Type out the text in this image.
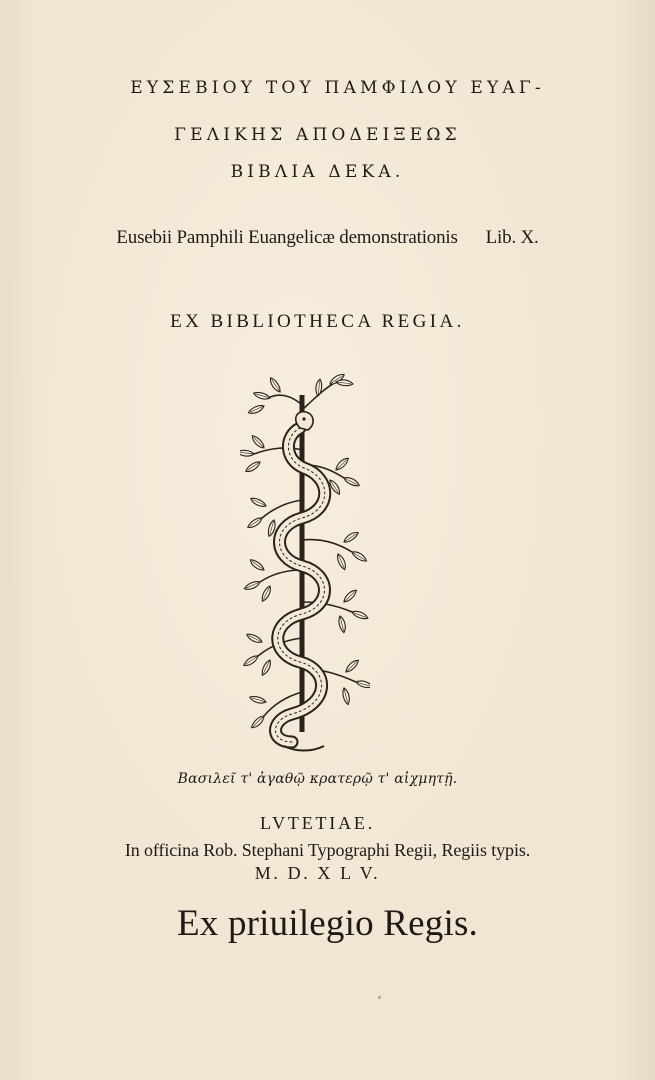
ΕΥΣΕΒΙΟΥ ΤΟΥ ΠΑΜΦΙΛΟΥ ΕΥΑΓ-
ΓΕΛΙΚΗΣ ΑΠΟΔΕΙΞΕΩΣ
ΒΙΒΛΙΑ ΔΕΚΑ.
Eusebii Pamphili Euangelicæ demonstrationis Lib. X.
EX BIBLIOTHECA REGIA.
Βασιλεῖ τ' ἀγαθῷ κρατερῷ τ' αἰχμητῇ.
LVTETIAE.
In officina Rob. Stephani Typographi Regii, Regiis typis.
M. D. X L V.
Ex priuilegio Regis.
